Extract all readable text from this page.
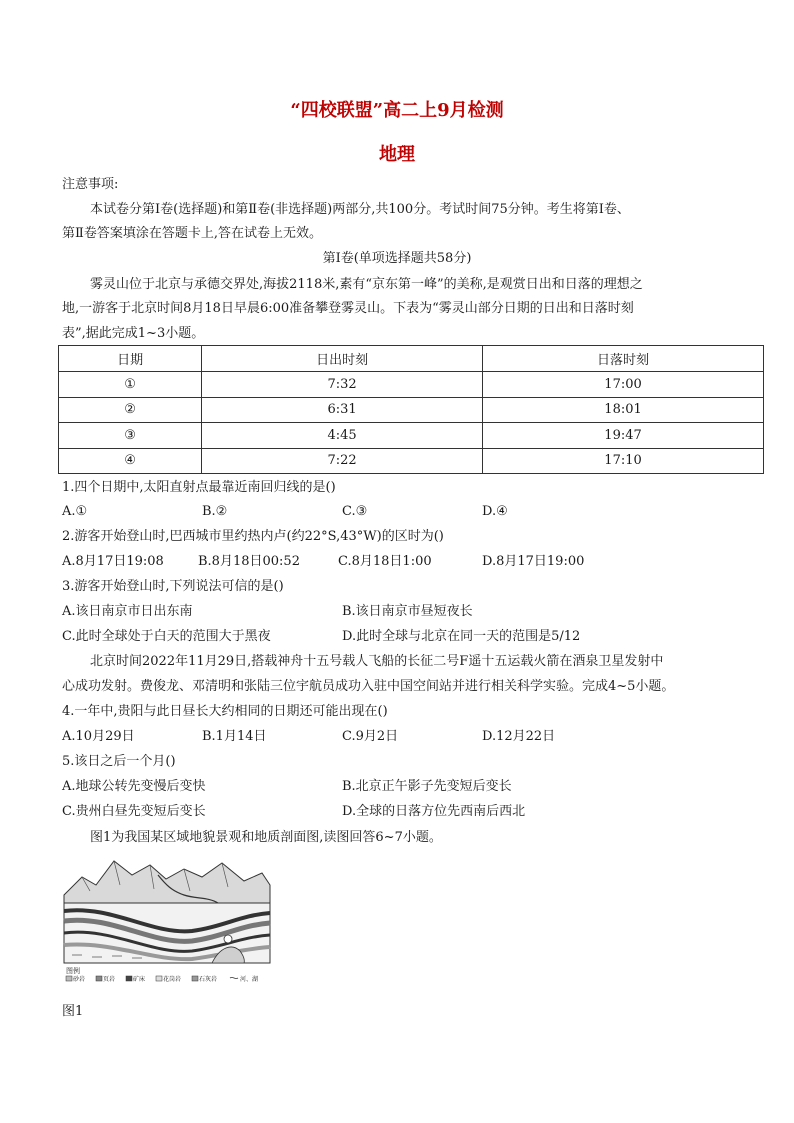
“四校联盟”高二上9月检测
地理
注意事项:
本试卷分第Ⅰ卷(选择题)和第Ⅱ卷(非选择题)两部分,共100分。考试时间75分钟。考生将第Ⅰ卷、
第Ⅱ卷答案填涂在答题卡上,答在试卷上无效。
第Ⅰ卷(单项选择题共58分)
雾灵山位于北京与承德交界处,海拔2118米,素有“京东第一峰”的美称,是观赏日出和日落的理想之
地,一游客于北京时间8月18日早晨6:00准备攀登雾灵山。下表为“雾灵山部分日期的日出和日落时刻
表”,据此完成1~3小题。
日期	日出时刻	日落时刻
①	7:32	17:00
②	6:31	18:01
③	4:45	19:47
④	7:22	17:10
1.四个日期中,太阳直射点最靠近南回归线的是()
A.①	B.②	C.③	D.④
2.游客开始登山时,巴西城市里约热内卢(约22°S,43°W)的区时为()
A.8月17日19:08	B.8月18日00:52	C.8月18日1:00	D.8月17日19:00
3.游客开始登山时,下列说法可信的是()
A.该日南京市日出东南	B.该日南京市昼短夜长
C.此时全球处于白天的范围大于黑夜	D.此时全球与北京在同一天的范围是5/12
北京时间2022年11月29日,搭载神舟十五号载人飞船的长征二号F遥十五运载火箭在酒泉卫星发射中
心成功发射。费俊龙、邓清明和张陆三位宇航员成功入驻中国空间站并进行相关科学实验。完成4~5小题。
4.一年中,贵阳与此日昼长大约相同的日期还可能出现在()
A.10月29日	B.1月14日	C.9月2日	D.12月22日
5.该日之后一个月()
A.地球公转先变慢后变快	B.北京正午影子先变短后变长
C.贵州白昼先变短后变长	D.全球的日落方位先西南后西北
图1为我国某区域地貌景观和地质剖面图,读图回答6~7小题。
图例
砂岩	页岩	矿床	花岗岩	石灰岩	河、湖
图1
